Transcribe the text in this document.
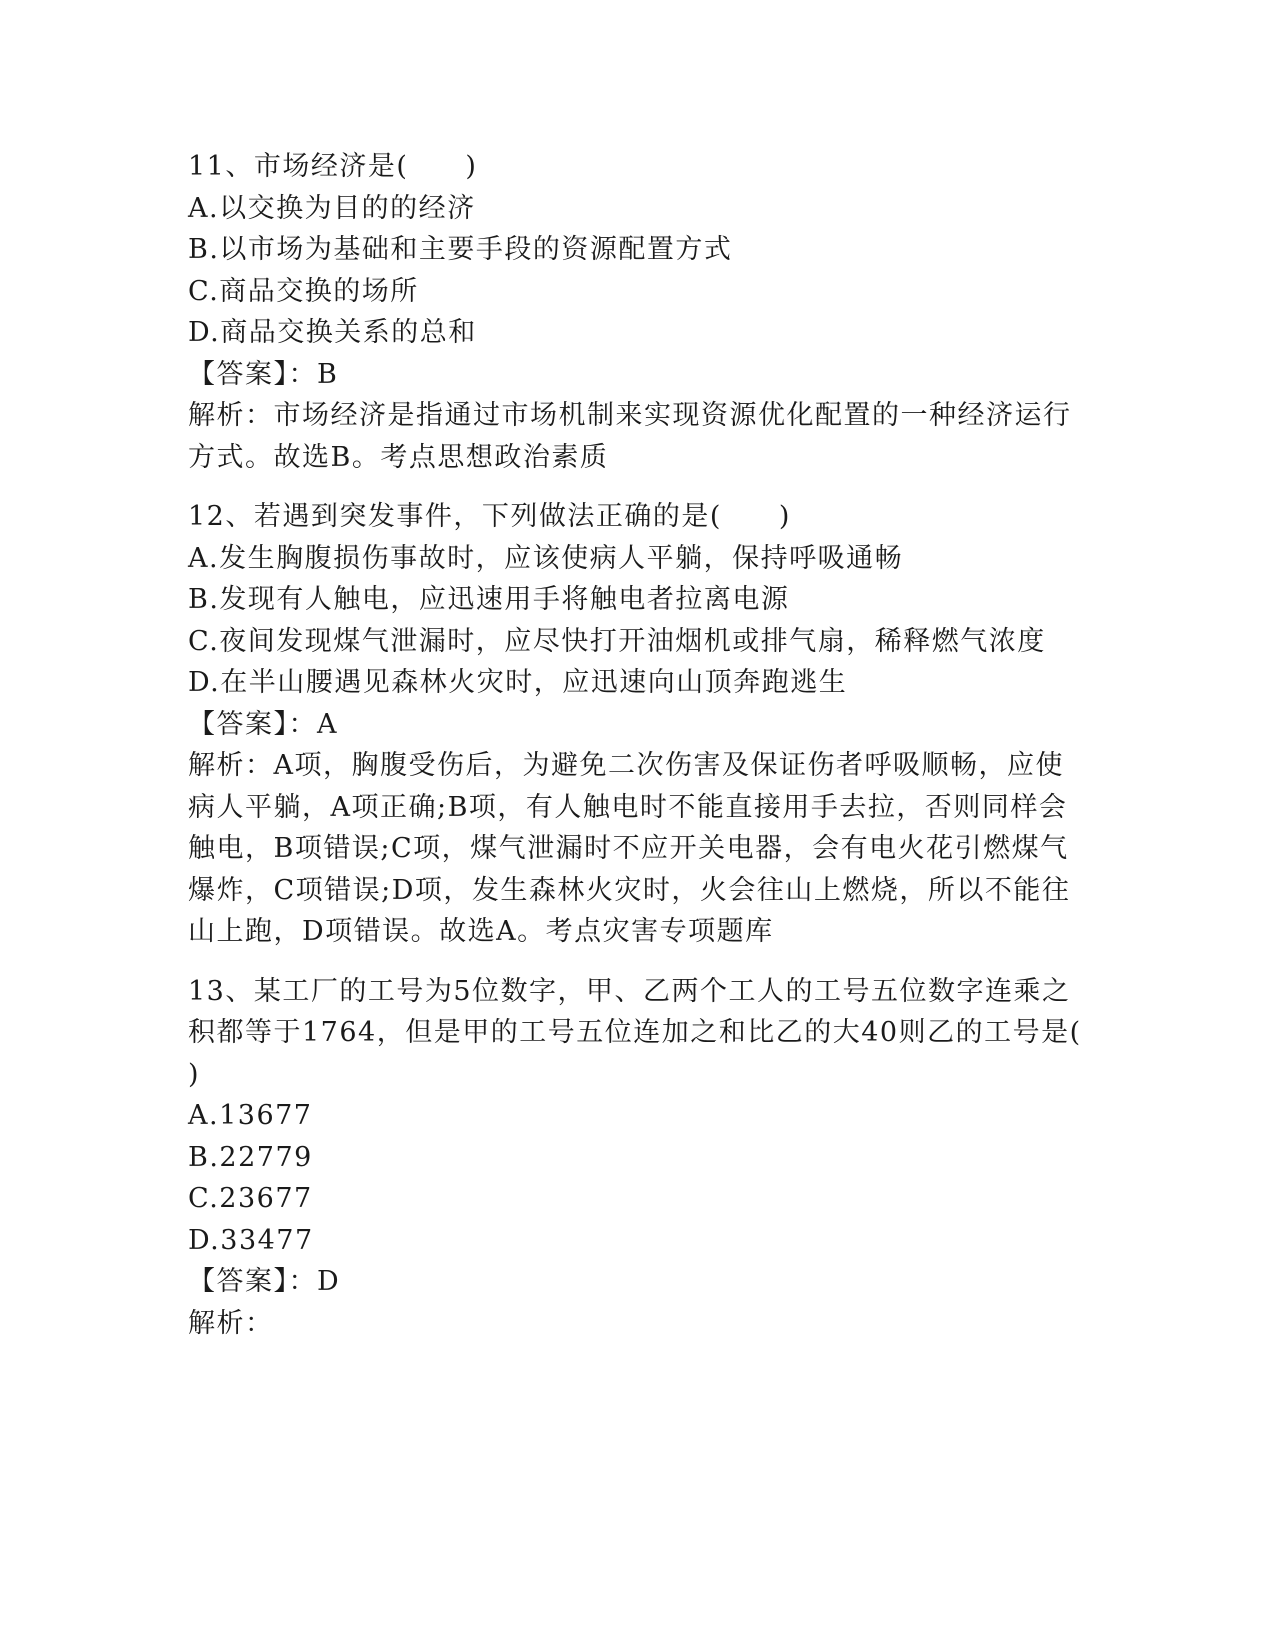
11、市场经济是(　　)
A.以交换为目的的经济
B.以市场为基础和主要手段的资源配置方式
C.商品交换的场所
D.商品交换关系的总和
【答案】：B
解析：市场经济是指通过市场机制来实现资源优化配置的一种经济运行方式。故选B。考点思想政治素质
12、若遇到突发事件，下列做法正确的是(　　)
A.发生胸腹损伤事故时，应该使病人平躺，保持呼吸通畅
B.发现有人触电，应迅速用手将触电者拉离电源
C.夜间发现煤气泄漏时，应尽快打开油烟机或排气扇，稀释燃气浓度
D.在半山腰遇见森林火灾时，应迅速向山顶奔跑逃生
【答案】：A
解析：A项，胸腹受伤后，为避免二次伤害及保证伤者呼吸顺畅，应使病人平躺，A项正确;B项，有人触电时不能直接用手去拉，否则同样会触电，B项错误;C项，煤气泄漏时不应开关电器，会有电火花引燃煤气爆炸，C项错误;D项，发生森林火灾时，火会往山上燃烧，所以不能往山上跑，D项错误。故选A。考点灾害专项题库
13、某工厂的工号为5位数字，甲、乙两个工人的工号五位数字连乘之积都等于1764，但是甲的工号五位连加之和比乙的大40则乙的工号是(　　)
A.13677
B.22779
C.23677
D.33477
【答案】：D
解析：
